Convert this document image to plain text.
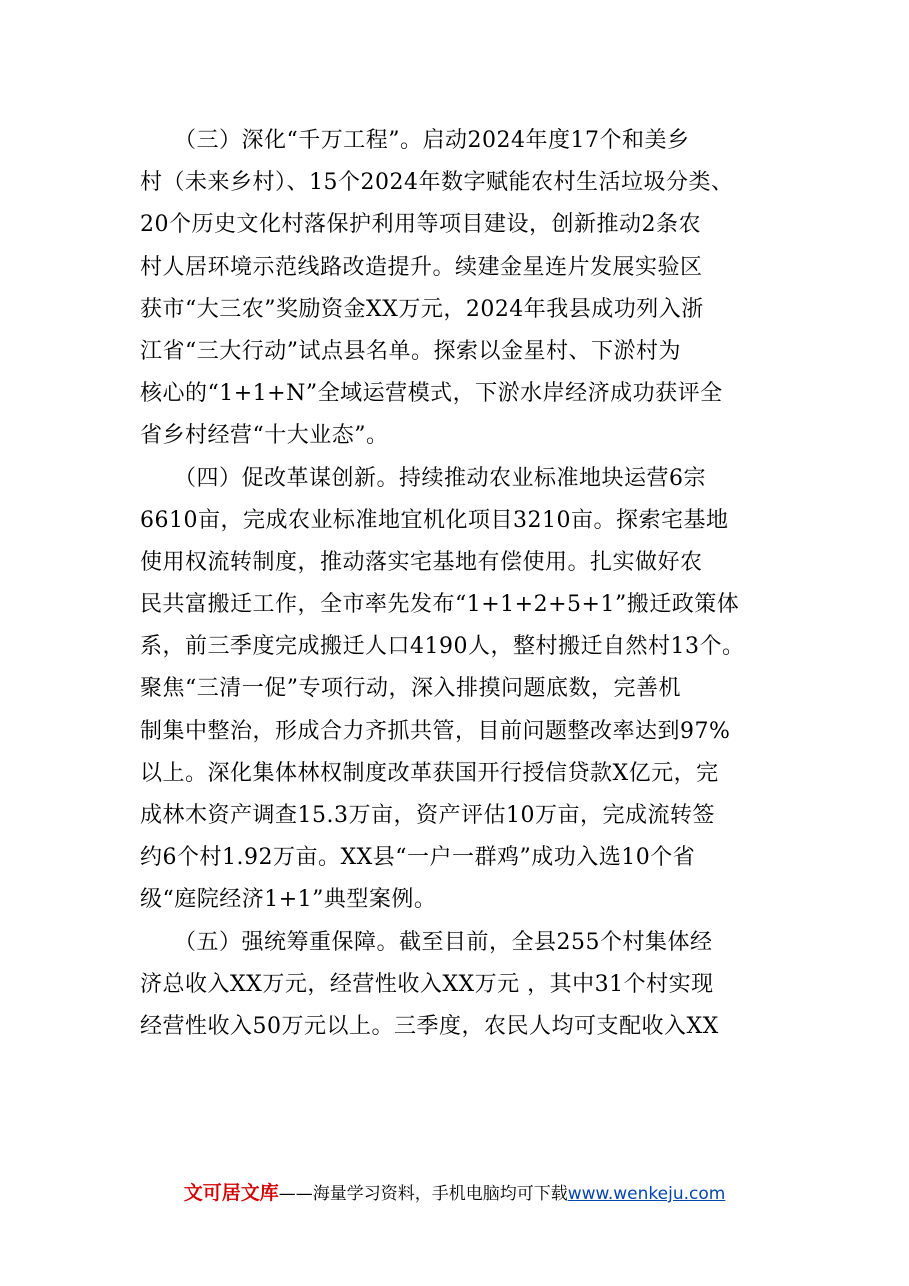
　　（三）深化“千万工程”。启动2024年度17个和美乡
村（未来乡村）、15个2024年数字赋能农村生活垃圾分类、
20个历史文化村落保护利用等项目建设，创新推动2条农
村人居环境示范线路改造提升。续建金星连片发展实验区
获市“大三农”奖励资金XX万元，2024年我县成功列入浙
江省“三大行动”试点县名单。探索以金星村、下淤村为
核心的“1+1+N”全域运营模式，下淤水岸经济成功获评全
省乡村经营“十大业态”。
　　（四）促改革谋创新。持续推动农业标准地块运营6宗
6610亩，完成农业标准地宜机化项目3210亩。探索宅基地
使用权流转制度，推动落实宅基地有偿使用。扎实做好农
民共富搬迁工作，全市率先发布“1+1+2+5+1”搬迁政策体
系，前三季度完成搬迁人口4190人，整村搬迁自然村13个。
聚焦“三清一促”专项行动，深入排摸问题底数，完善机
制集中整治，形成合力齐抓共管，目前问题整改率达到97%
以上。深化集体林权制度改革获国开行授信贷款X亿元，完
成林木资产调查15.3万亩，资产评估10万亩，完成流转签
约6个村1.92万亩。XX县“一户一群鸡”成功入选10个省
级“庭院经济1+1”典型案例。
　　（五）强统筹重保障。截至目前，全县255个村集体经
济总收入XX万元，经营性收入XX万元 ，其中31个村实现
经营性收入50万元以上。三季度，农民人均可支配收入XX
文可居文库——海量学习资料，手机电脑均可下载www.wenkeju.com
